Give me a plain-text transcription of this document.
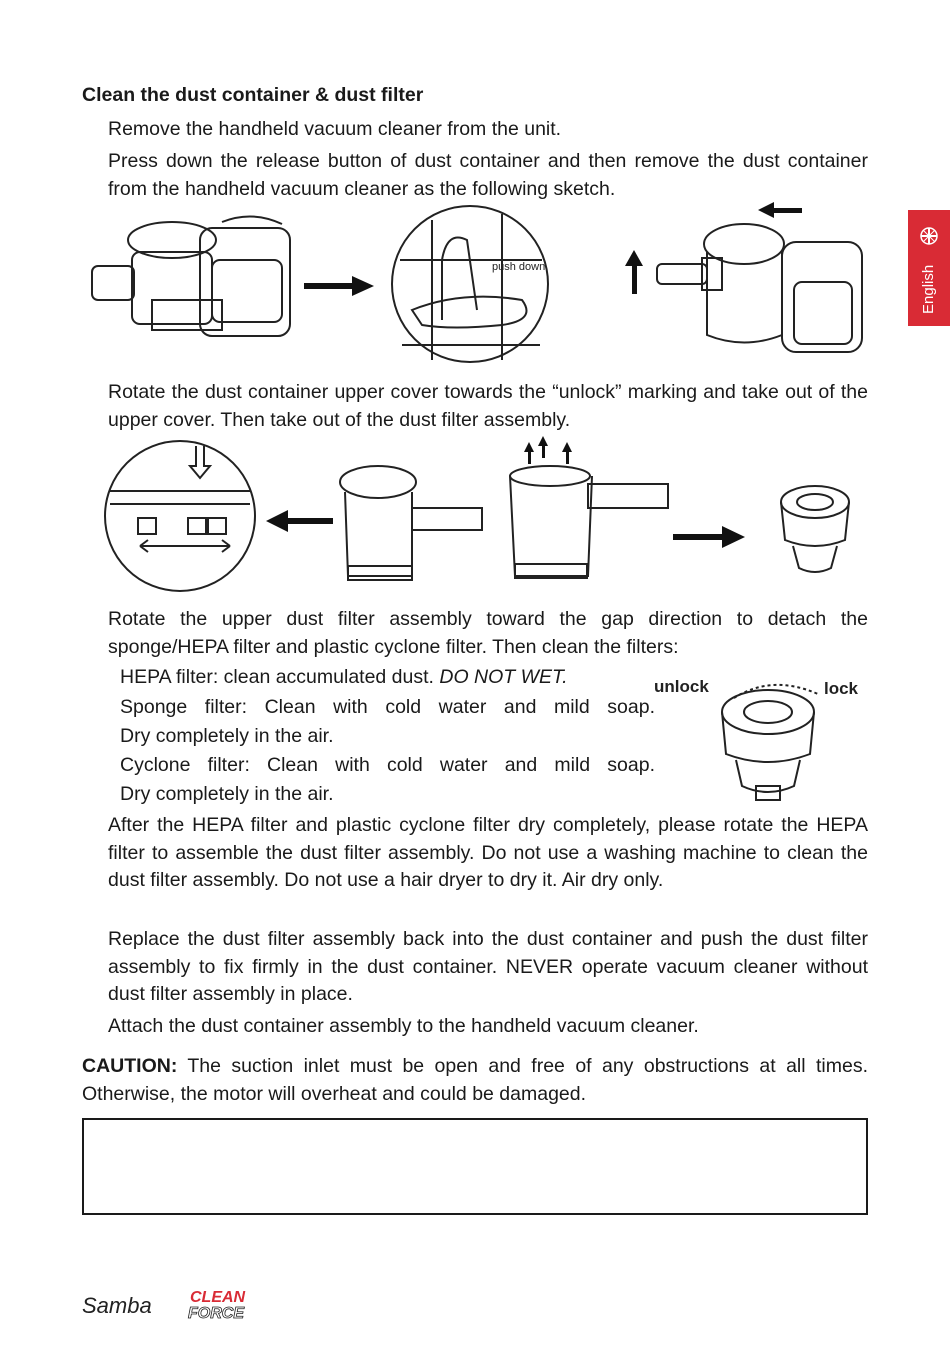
Clean the dust container & dust filter
Remove the handheld vacuum cleaner from the unit.
Press down the release button of dust container and then remove the dust container from the handheld vacuum cleaner as the following sketch.
push down
Rotate the dust container upper cover towards the “unlock” marking and take out of the upper cover. Then take out of the dust filter assembly.
Rotate the upper dust filter assembly toward the gap direction to detach the sponge/HEPA filter and plastic cyclone filter. Then clean the filters:
HEPA filter: clean accumulated dust. DO NOT WET.
Sponge filter: Clean with cold water and mild soap.
Dry completely in the air.
Cyclone filter: Clean with cold water and mild soap.
Dry completely in the air.
unlock	lock
After the HEPA filter and plastic cyclone filter dry completely, please rotate the HEPA filter to assemble the dust filter assembly. Do not use a washing machine to clean the dust filter assembly. Do not use a hair dryer to dry it. Air dry only.
Replace the dust filter assembly back into the dust container and push the dust filter assembly to fix firmly in the dust container. NEVER operate vacuum cleaner without dust filter assembly in place.
Attach the dust container assembly to the handheld vacuum cleaner.
CAUTION: The suction inlet must be open and free of any obstructions at all times. Otherwise, the motor will overheat and could be damaged.
English
Samba CLEAN
FORCE
